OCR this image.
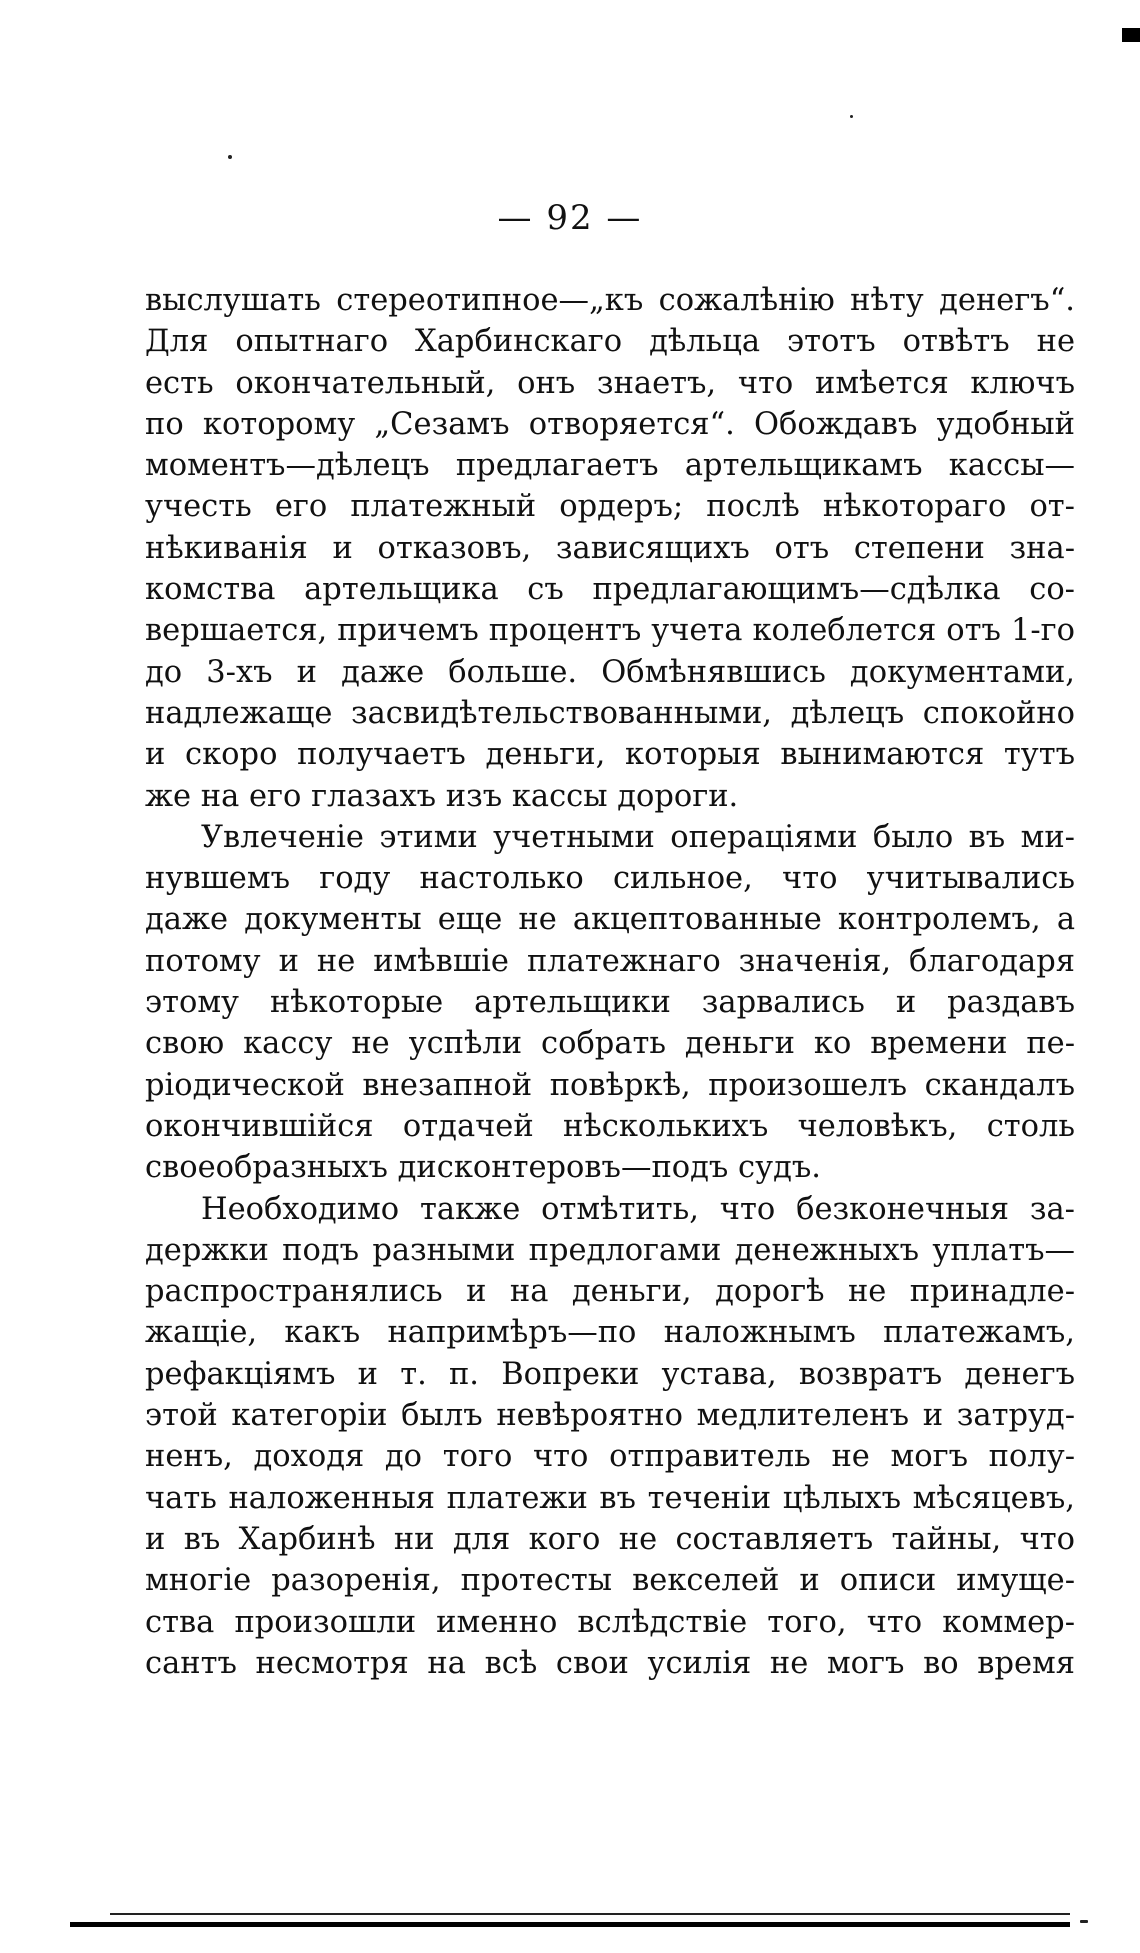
— 92 —
выслушать стереотипное—„къ сожалѣнію нѣту денегъ“.
Для опытнаго Харбинскаго дѣльца этотъ отвѣтъ не
есть окончательный, онъ знаетъ, что имѣется ключъ
по которому „Сезамъ отворяется“. Обождавъ удобный
моментъ—дѣлецъ предлагаетъ артельщикамъ кассы—
учесть его платежный ордеръ; послѣ нѣкотораго от-
нѣкиванія и отказовъ, зависящихъ отъ степени зна-
комства артельщика съ предлагающимъ—сдѣлка со-
вершается, причемъ процентъ учета колеблется отъ 1-го
до 3-хъ и даже больше. Обмѣнявшись документами,
надлежаще засвидѣтельствованными, дѣлецъ спокойно
и скоро получаетъ деньги, которыя вынимаются тутъ
же на его глазахъ изъ кассы дороги.
Увлеченіе этими учетными операціями было въ ми-
нувшемъ году настолько сильное, что учитывались
даже документы еще не акцептованные контролемъ, а
потому и не имѣвшіе платежнаго значенія, благодаря
этому нѣкоторые артельщики зарвались и раздавъ
свою кассу не успѣли собрать деньги ко времени пе-
ріодической внезапной повѣркѣ, произошелъ скандалъ
окончившійся отдачей нѣсколькихъ человѣкъ, столь
своеобразныхъ дисконтеровъ—подъ судъ.
Необходимо также отмѣтить, что безконечныя за-
держки подъ разными предлогами денежныхъ уплатъ—
распространялись и на деньги, дорогѣ не принадле-
жащіе, какъ напримѣръ—по наложнымъ платежамъ,
рефакціямъ и т. п. Вопреки устава, возвратъ денегъ
этой категоріи былъ невѣроятно медлителенъ и затруд-
ненъ, доходя до того что отправитель не могъ полу-
чать наложенныя платежи въ теченіи цѣлыхъ мѣсяцевъ,
и въ Харбинѣ ни для кого не составляетъ тайны, что
многіе разоренія, протесты векселей и описи имуще-
ства произошли именно вслѣдствіе того, что коммер-
сантъ несмотря на всѣ свои усилія не могъ во время
